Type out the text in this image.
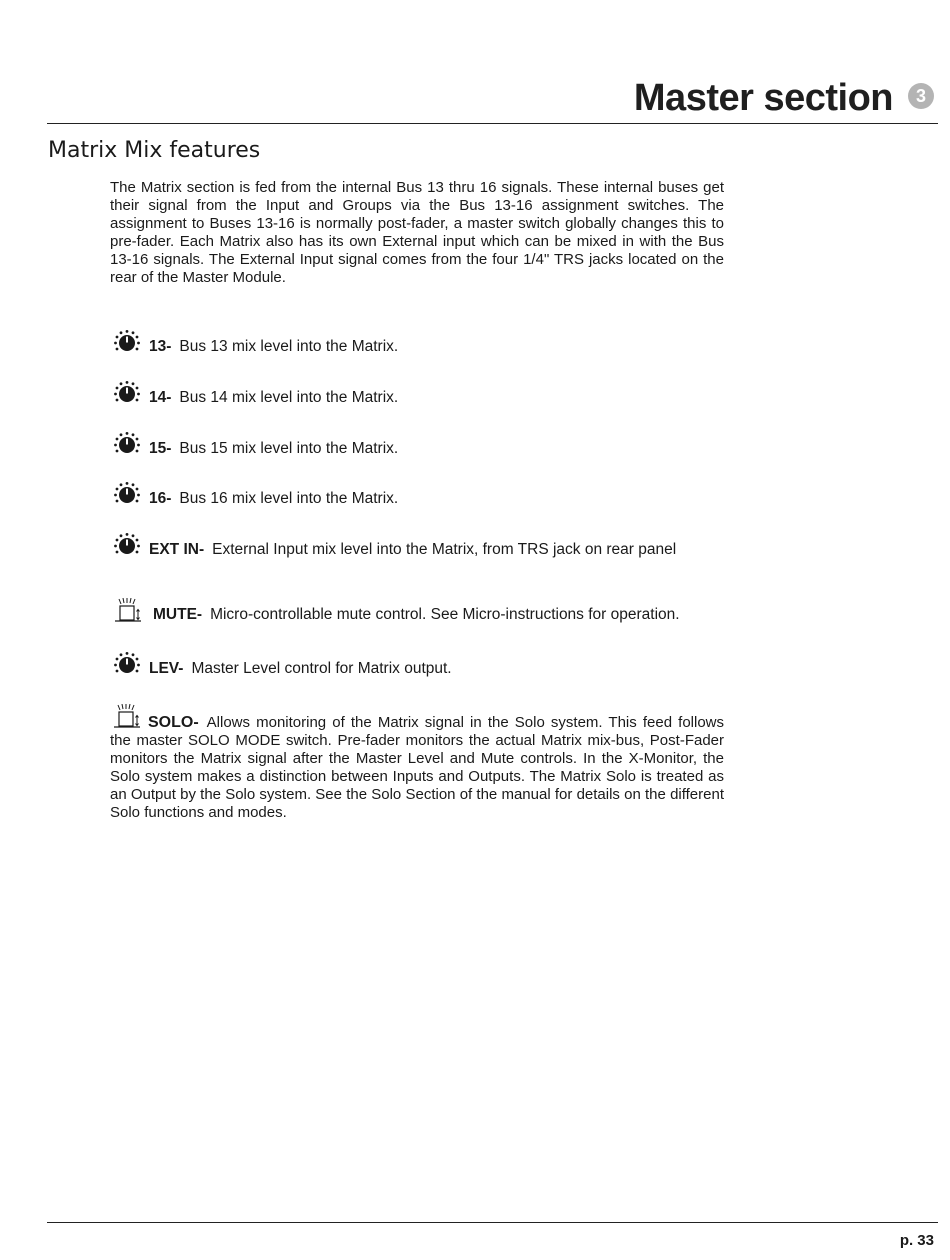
Master section	3
Matrix Mix features

The Matrix section is fed from the internal Bus 13 thru 16 signals. These internal buses get their signal from the Input and Groups via the Bus 13-16 assignment switches. The assignment to Buses 13-16 is normally post-fader, a master switch globally changes this to pre-fader. Each Matrix also has its own External input which can be mixed in with the Bus 13-16 signals. The External Input signal comes from the four 1/4" TRS jacks located on the rear of the Master Module.

13- Bus 13 mix level into the Matrix.
14- Bus 14 mix level into the Matrix.
15- Bus 15 mix level into the Matrix.
16- Bus 16 mix level into the Matrix.
EXT IN- External Input mix level into the Matrix, from TRS jack on rear panel
MUTE- Micro-controllable mute control. See Micro-instructions for operation.
LEV- Master Level control for Matrix output.

SOLO- Allows monitoring of the Matrix signal in the Solo system. This feed follows the master SOLO MODE switch. Pre-fader monitors the actual Matrix mix-bus, Post-Fader monitors the Matrix signal after the Master Level and Mute controls. In the X-Monitor, the Solo system makes a distinction between Inputs and Outputs. The Matrix Solo is treated as an Output by the Solo system. See the Solo Section of the manual for details on the different Solo functions and modes.

p. 33
